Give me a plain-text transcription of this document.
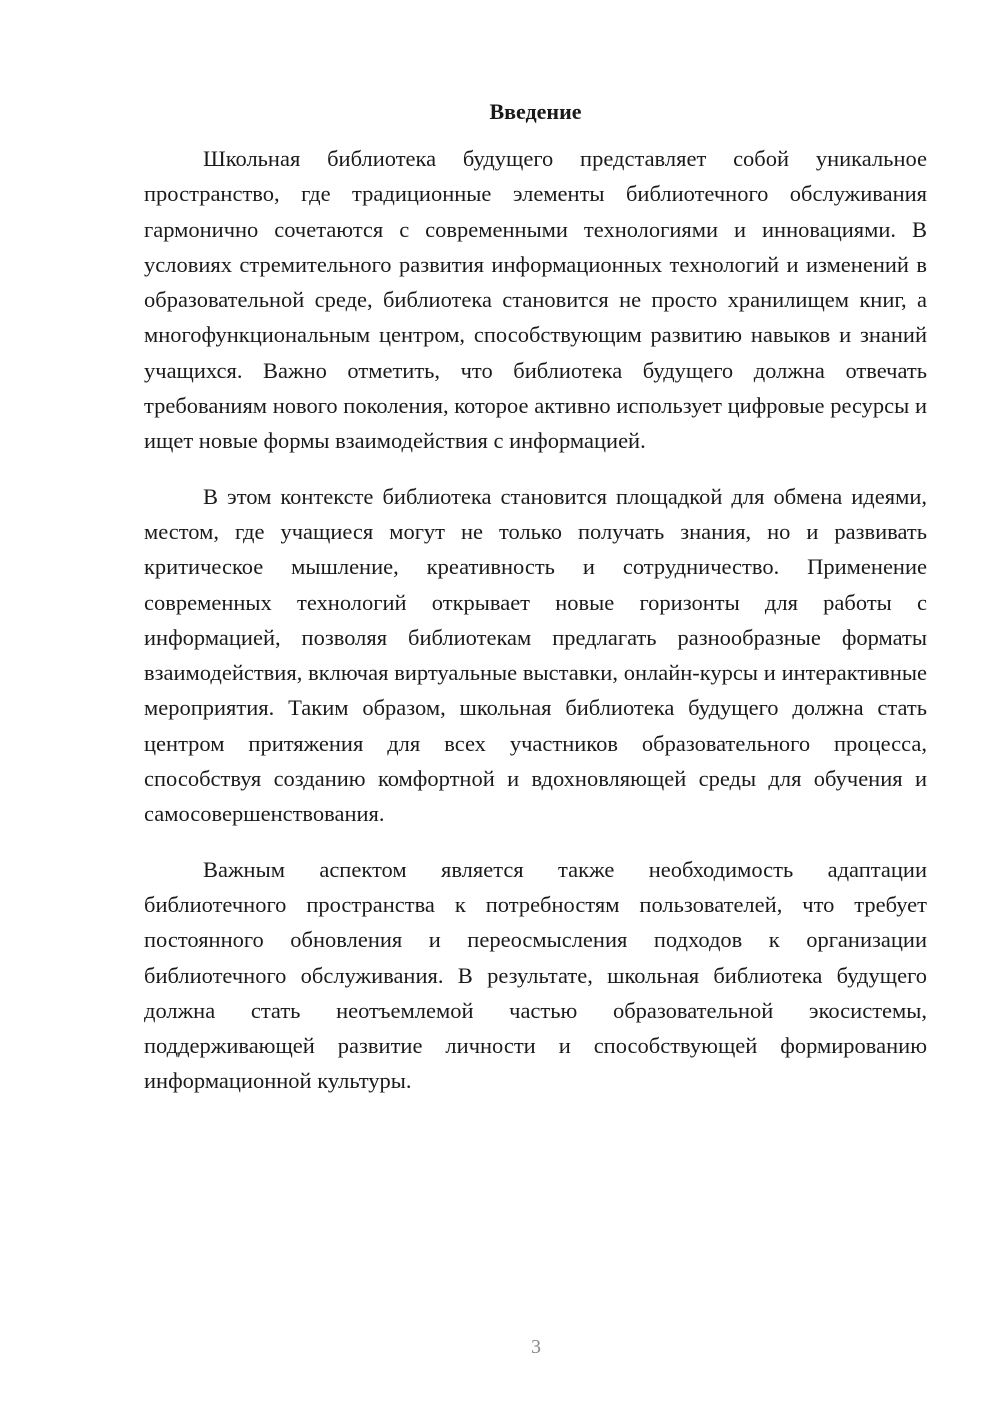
Введение

Школьная библиотека будущего представляет собой уникальное пространство, где традиционные элементы библиотечного обслуживания гармонично сочетаются с современными технологиями и инновациями. В условиях стремительного развития информационных технологий и изменений в образовательной среде, библиотека становится не просто хранилищем книг, а многофункциональным центром, способствующим развитию навыков и знаний учащихся. Важно отметить, что библиотека будущего должна отвечать требованиям нового поколения, которое активно использует цифровые ресурсы и ищет новые формы взаимодействия с информацией.

В этом контексте библиотека становится площадкой для обмена идеями, местом, где учащиеся могут не только получать знания, но и развивать критическое мышление, креативность и сотрудничество. Применение современных технологий открывает новые горизонты для работы с информацией, позволяя библиотекам предлагать разнообразные форматы взаимодействия, включая виртуальные выставки, онлайн-курсы и интерактивные мероприятия. Таким образом, школьная библиотека будущего должна стать центром притяжения для всех участников образовательного процесса, способствуя созданию комфортной и вдохновляющей среды для обучения и самосовершенствования.

Важным аспектом является также необходимость адаптации библиотечного пространства к потребностям пользователей, что требует постоянного обновления и переосмысления подходов к организации библиотечного обслуживания. В результате, школьная библиотека будущего должна стать неотъемлемой частью образовательной экосистемы, поддерживающей развитие личности и способствующей формированию информационной культуры.

3
